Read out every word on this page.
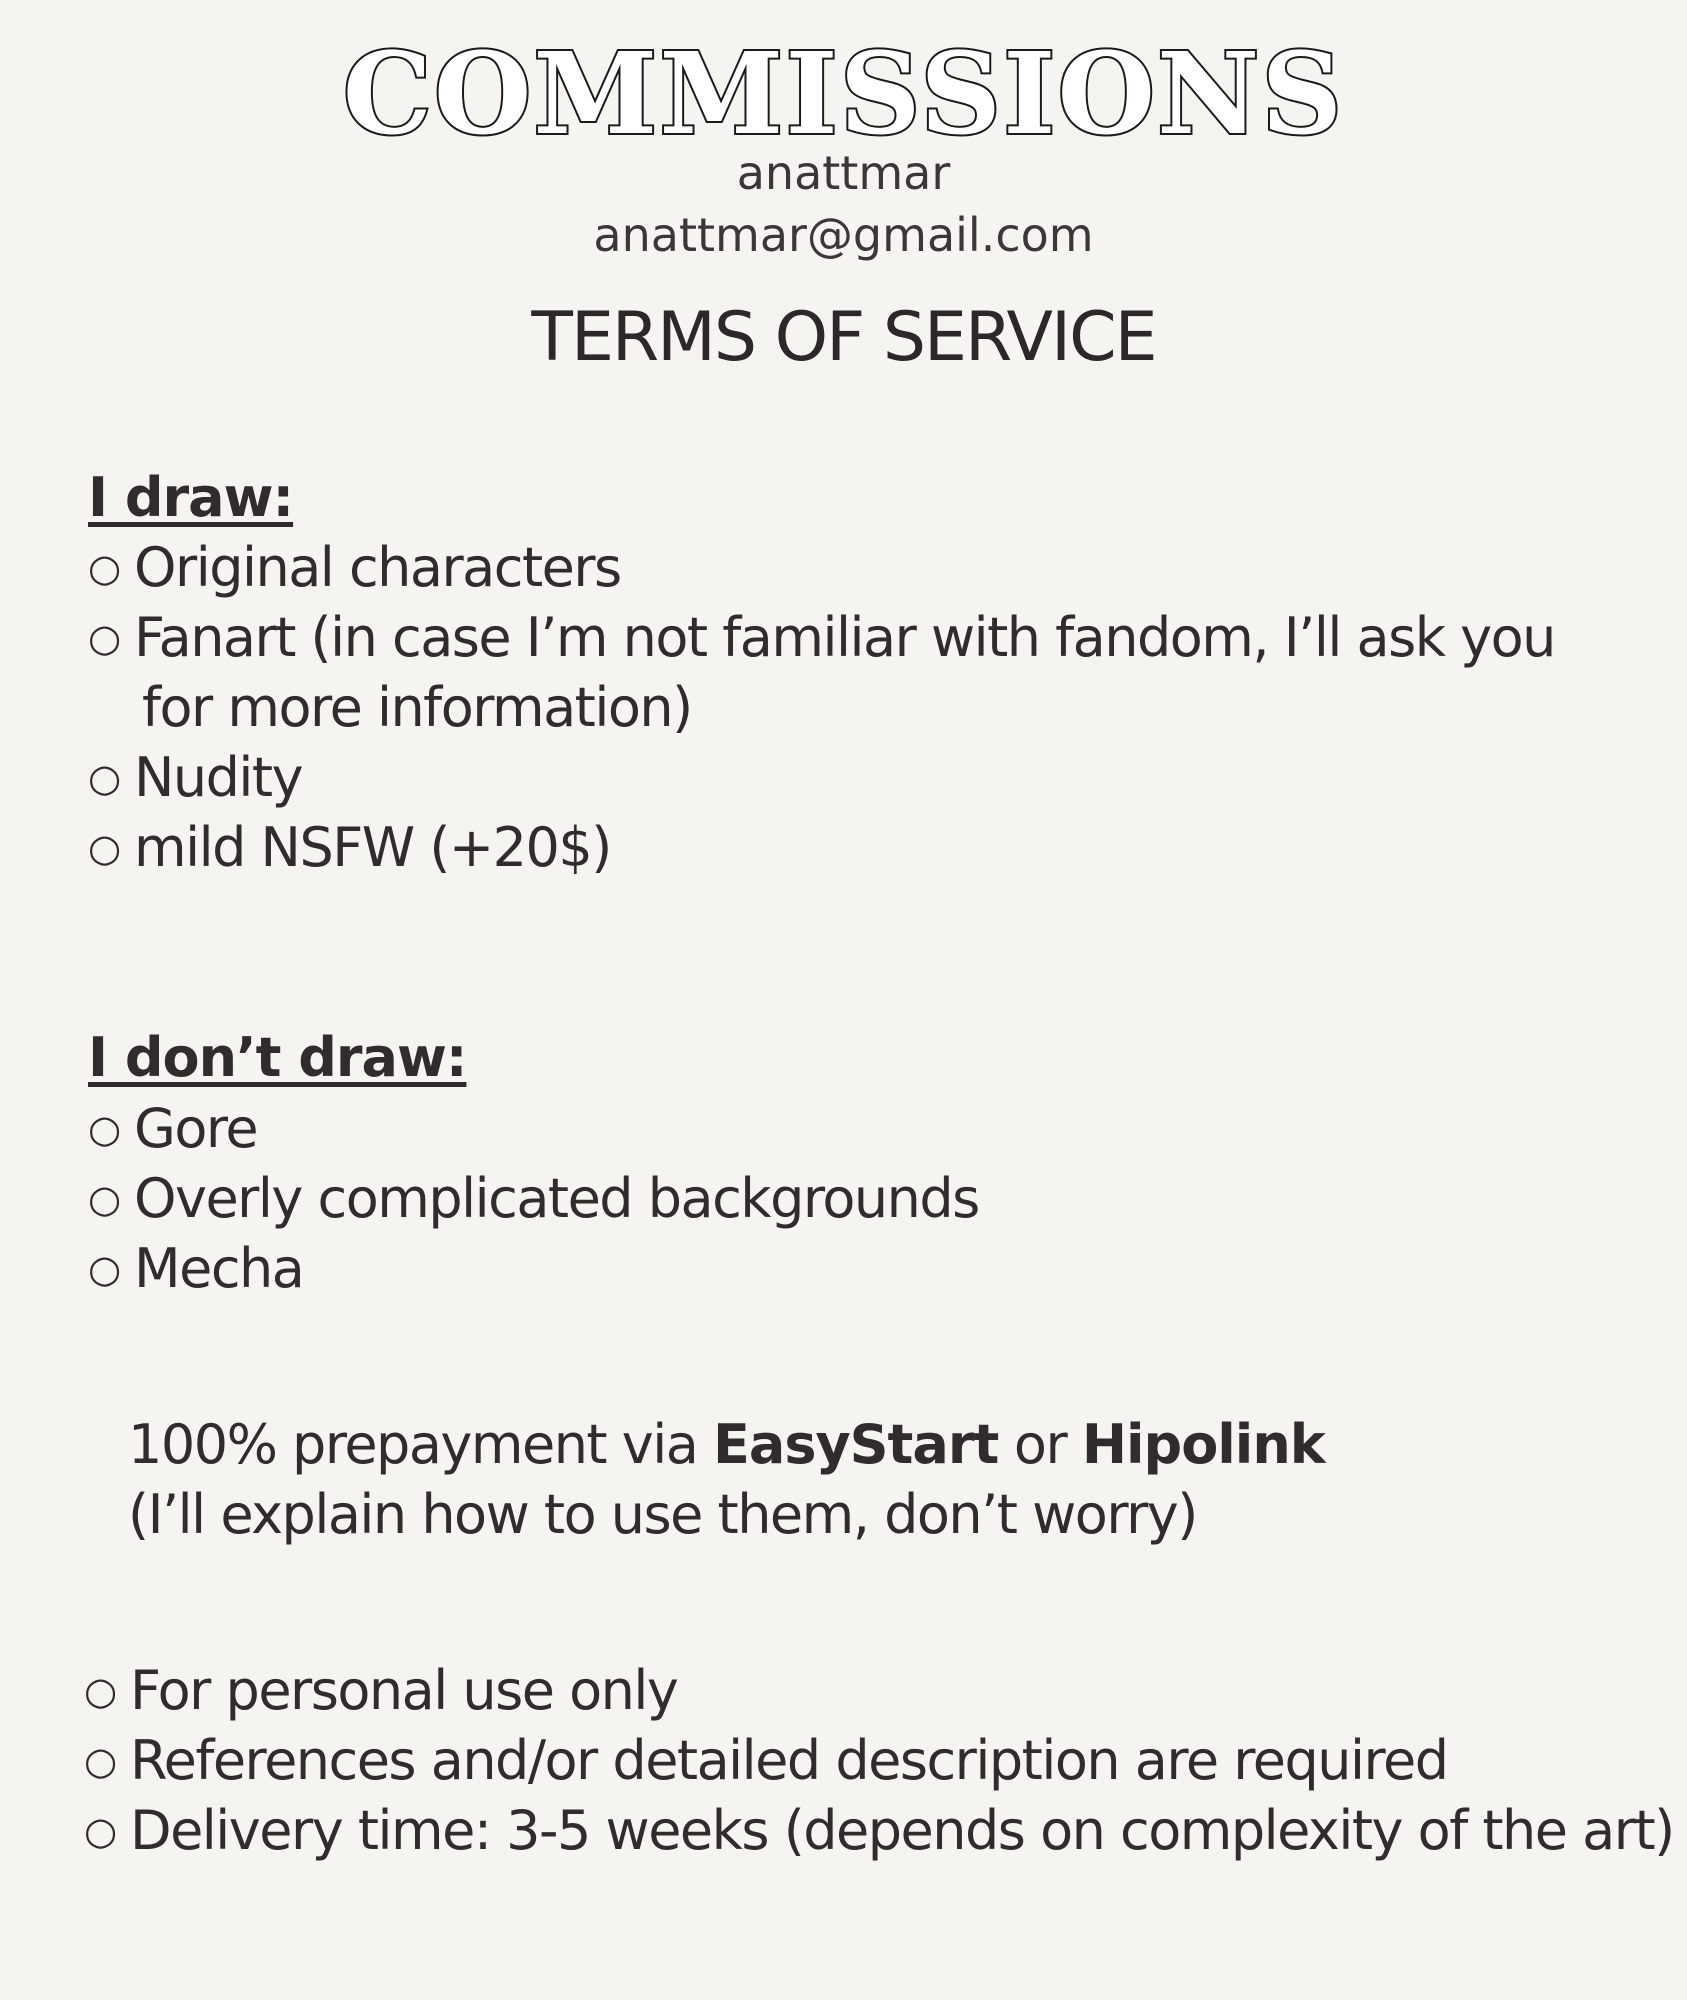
COMMISSIONS
anattmar
anattmar@gmail.com
TERMS OF SERVICE
I draw:
○ Original characters
○ Fanart (in case I’m not familiar with fandom, I’ll ask you
for more information)
○ Nudity
○ mild NSFW (+20$)
I don’t draw:
○ Gore
○ Overly complicated backgrounds
○ Mecha
100% prepayment via EasyStart or Hipolink
(I’ll explain how to use them, don’t worry)
○ For personal use only
○ References and/or detailed description are required
○ Delivery time: 3-5 weeks (depends on complexity of the art)
